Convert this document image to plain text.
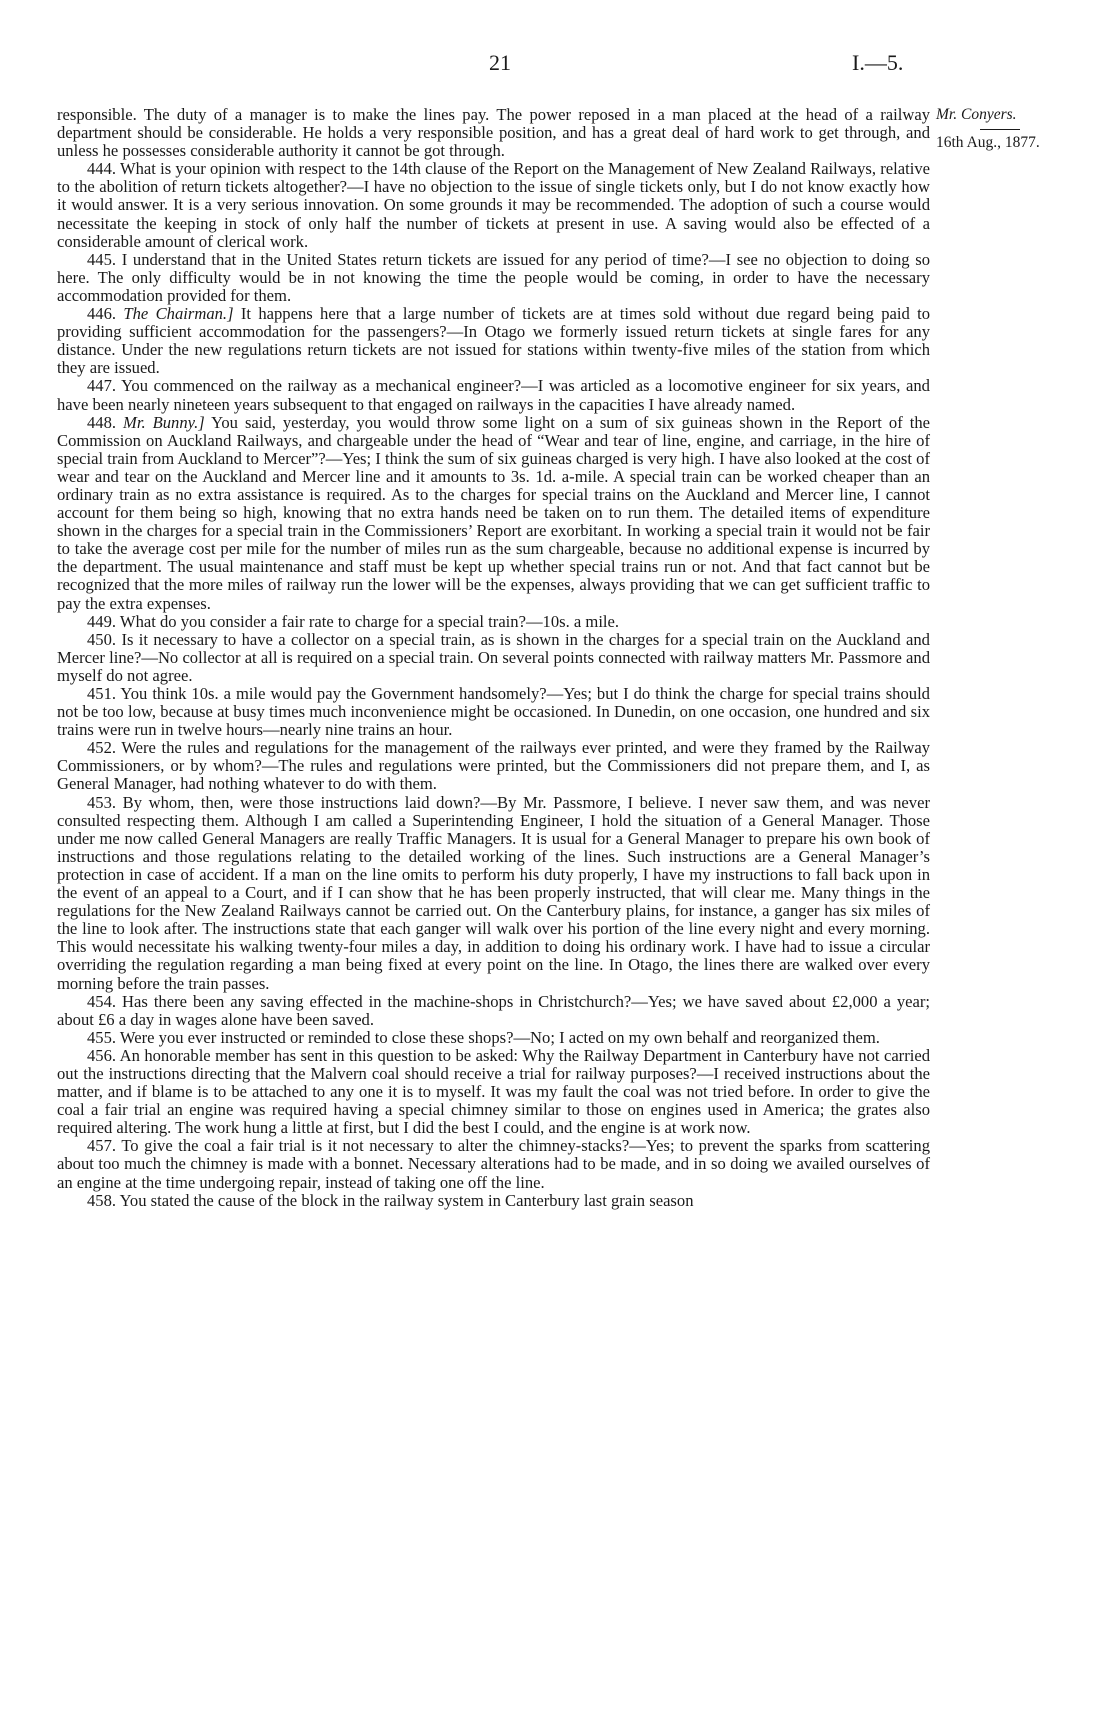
21	I.—5.
Mr. Conyers.
16th Aug., 1877.

responsible. The duty of a manager is to make the lines pay. The power reposed in a man placed at the head of a railway department should be considerable. He holds a very responsible position, and has a great deal of hard work to get through, and unless he possesses considerable authority it cannot be got through.

444. What is your opinion with respect to the 14th clause of the Report on the Management of New Zealand Railways, relative to the abolition of return tickets altogether?—I have no objection to the issue of single tickets only, but I do not know exactly how it would answer. It is a very serious innovation. On some grounds it may be recommended. The adoption of such a course would necessitate the keeping in stock of only half the number of tickets at present in use. A saving would also be effected of a considerable amount of clerical work.

445. I understand that in the United States return tickets are issued for any period of time?—I see no objection to doing so here. The only difficulty would be in not knowing the time the people would be coming, in order to have the necessary accommodation provided for them.

446. The Chairman.] It happens here that a large number of tickets are at times sold without due regard being paid to providing sufficient accommodation for the passengers?—In Otago we formerly issued return tickets at single fares for any distance. Under the new regulations return tickets are not issued for stations within twenty-five miles of the station from which they are issued.

447. You commenced on the railway as a mechanical engineer?—I was articled as a locomotive engineer for six years, and have been nearly nineteen years subsequent to that engaged on railways in the capacities I have already named.

448. Mr. Bunny.] You said, yesterday, you would throw some light on a sum of six guineas shown in the Report of the Commission on Auckland Railways, and chargeable under the head of “Wear and tear of line, engine, and carriage, in the hire of special train from Auckland to Mercer”?—Yes; I think the sum of six guineas charged is very high. I have also looked at the cost of wear and tear on the Auckland and Mercer line and it amounts to 3s. 1d. a-mile. A special train can be worked cheaper than an ordinary train as no extra assistance is required. As to the charges for special trains on the Auckland and Mercer line, I cannot account for them being so high, knowing that no extra hands need be taken on to run them. The detailed items of expenditure shown in the charges for a special train in the Commissioners’ Report are exorbitant. In working a special train it would not be fair to take the average cost per mile for the number of miles run as the sum chargeable, because no additional expense is incurred by the department. The usual maintenance and staff must be kept up whether special trains run or not. And that fact cannot but be recognized that the more miles of railway run the lower will be the expenses, always providing that we can get sufficient traffic to pay the extra expenses.

449. What do you consider a fair rate to charge for a special train?—10s. a mile.

450. Is it necessary to have a collector on a special train, as is shown in the charges for a special train on the Auckland and Mercer line?—No collector at all is required on a special train. On several points connected with railway matters Mr. Passmore and myself do not agree.

451. You think 10s. a mile would pay the Government handsomely?—Yes; but I do think the charge for special trains should not be too low, because at busy times much inconvenience might be occasioned. In Dunedin, on one occasion, one hundred and six trains were run in twelve hours—nearly nine trains an hour.

452. Were the rules and regulations for the management of the railways ever printed, and were they framed by the Railway Commissioners, or by whom?—The rules and regulations were printed, but the Commissioners did not prepare them, and I, as General Manager, had nothing whatever to do with them.

453. By whom, then, were those instructions laid down?—By Mr. Passmore, I believe. I never saw them, and was never consulted respecting them. Although I am called a Superintending Engineer, I hold the situation of a General Manager. Those under me now called General Managers are really Traffic Managers. It is usual for a General Manager to prepare his own book of instructions and those regulations relating to the detailed working of the lines. Such instructions are a General Manager’s protection in case of accident. If a man on the line omits to perform his duty properly, I have my instructions to fall back upon in the event of an appeal to a Court, and if I can show that he has been properly instructed, that will clear me. Many things in the regulations for the New Zealand Railways cannot be carried out. On the Canterbury plains, for instance, a ganger has six miles of the line to look after. The instructions state that each ganger will walk over his portion of the line every night and every morning. This would necessitate his walking twenty-four miles a day, in addition to doing his ordinary work. I have had to issue a circular overriding the regulation regarding a man being fixed at every point on the line. In Otago, the lines there are walked over every morning before the train passes.

454. Has there been any saving effected in the machine-shops in Christchurch?—Yes; we have saved about £2,000 a year; about £6 a day in wages alone have been saved.

455. Were you ever instructed or reminded to close these shops?—No; I acted on my own behalf and reorganized them.

456. An honorable member has sent in this question to be asked: Why the Railway Department in Canterbury have not carried out the instructions directing that the Malvern coal should receive a trial for railway purposes?—I received instructions about the matter, and if blame is to be attached to any one it is to myself. It was my fault the coal was not tried before. In order to give the coal a fair trial an engine was required having a special chimney similar to those on engines used in America; the grates also required altering. The work hung a little at first, but I did the best I could, and the engine is at work now.

457. To give the coal a fair trial is it not necessary to alter the chimney-stacks?—Yes; to prevent the sparks from scattering about too much the chimney is made with a bonnet. Necessary alterations had to be made, and in so doing we availed ourselves of an engine at the time undergoing repair, instead of taking one off the line.

458. You stated the cause of the block in the railway system in Canterbury last grain season
